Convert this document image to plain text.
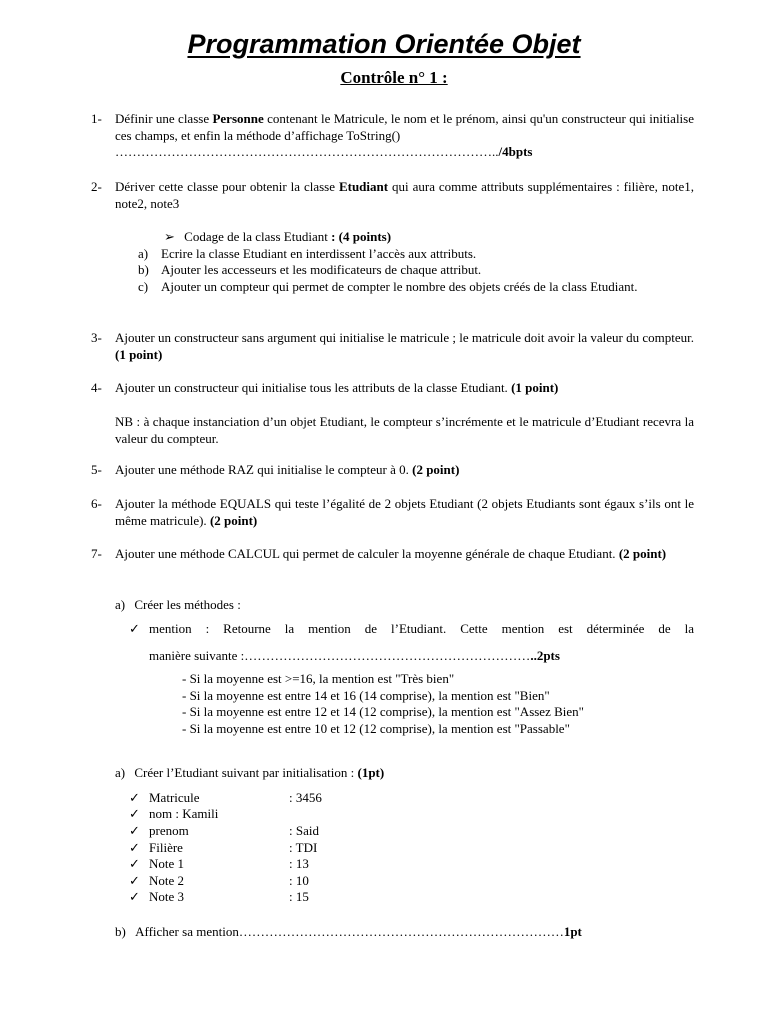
Programmation Orientée Objet
Contrôle n° 1 :
1- Définir une classe Personne contenant le Matricule, le nom et le prénom, ainsi qu'un constructeur qui initialise ces champs, et enfin la méthode d’affichage ToString()
……………………………………………………………………………../4bpts
2- Dériver cette classe pour obtenir la classe Etudiant qui aura comme attributs supplémentaires : filière, note1, note2, note3
➢ Codage de la class Etudiant : (4 points)
a) Ecrire la classe Etudiant en interdissent l’accès aux attributs.
b) Ajouter les accesseurs et les modificateurs de chaque attribut.
c) Ajouter un compteur qui permet de compter le nombre des objets créés de la class Etudiant.
3- Ajouter un constructeur sans argument qui initialise le matricule ; le matricule doit avoir la valeur du compteur. (1 point)
4- Ajouter un constructeur qui initialise tous les attributs de la classe Etudiant. (1 point)
NB : à chaque instanciation d’un objet Etudiant, le compteur s’incrémente et le matricule d’Etudiant recevra la valeur du compteur.
5- Ajouter une méthode RAZ qui initialise le compteur à 0. (2 point)
6- Ajouter la méthode EQUALS qui teste l’égalité de 2 objets Etudiant (2 objets Etudiants sont égaux s’ils ont le même matricule). (2 point)
7- Ajouter une méthode CALCUL qui permet de calculer la moyenne générale de chaque Etudiant. (2 point)
a) Créer les méthodes :
✓ mention : Retourne la mention de l’Etudiant. Cette mention est déterminée de la
manière suivante :…………………………………………………………..2pts
- Si la moyenne est >=16, la mention est "Très bien"
- Si la moyenne est entre 14 et 16 (14 comprise), la mention est "Bien"
- Si la moyenne est entre 12 et 14 (12 comprise), la mention est "Assez Bien"
- Si la moyenne est entre 10 et 12 (12 comprise), la mention est "Passable"
a) Créer l’Etudiant suivant par initialisation : (1pt)
✓ Matricule	: 3456
✓ nom : Kamili
✓ prenom	: Said
✓ Filière	: TDI
✓ Note 1	: 13
✓ Note 2	: 10
✓ Note 3	: 15
b) Afficher sa mention…………………………………………………………………1pt
